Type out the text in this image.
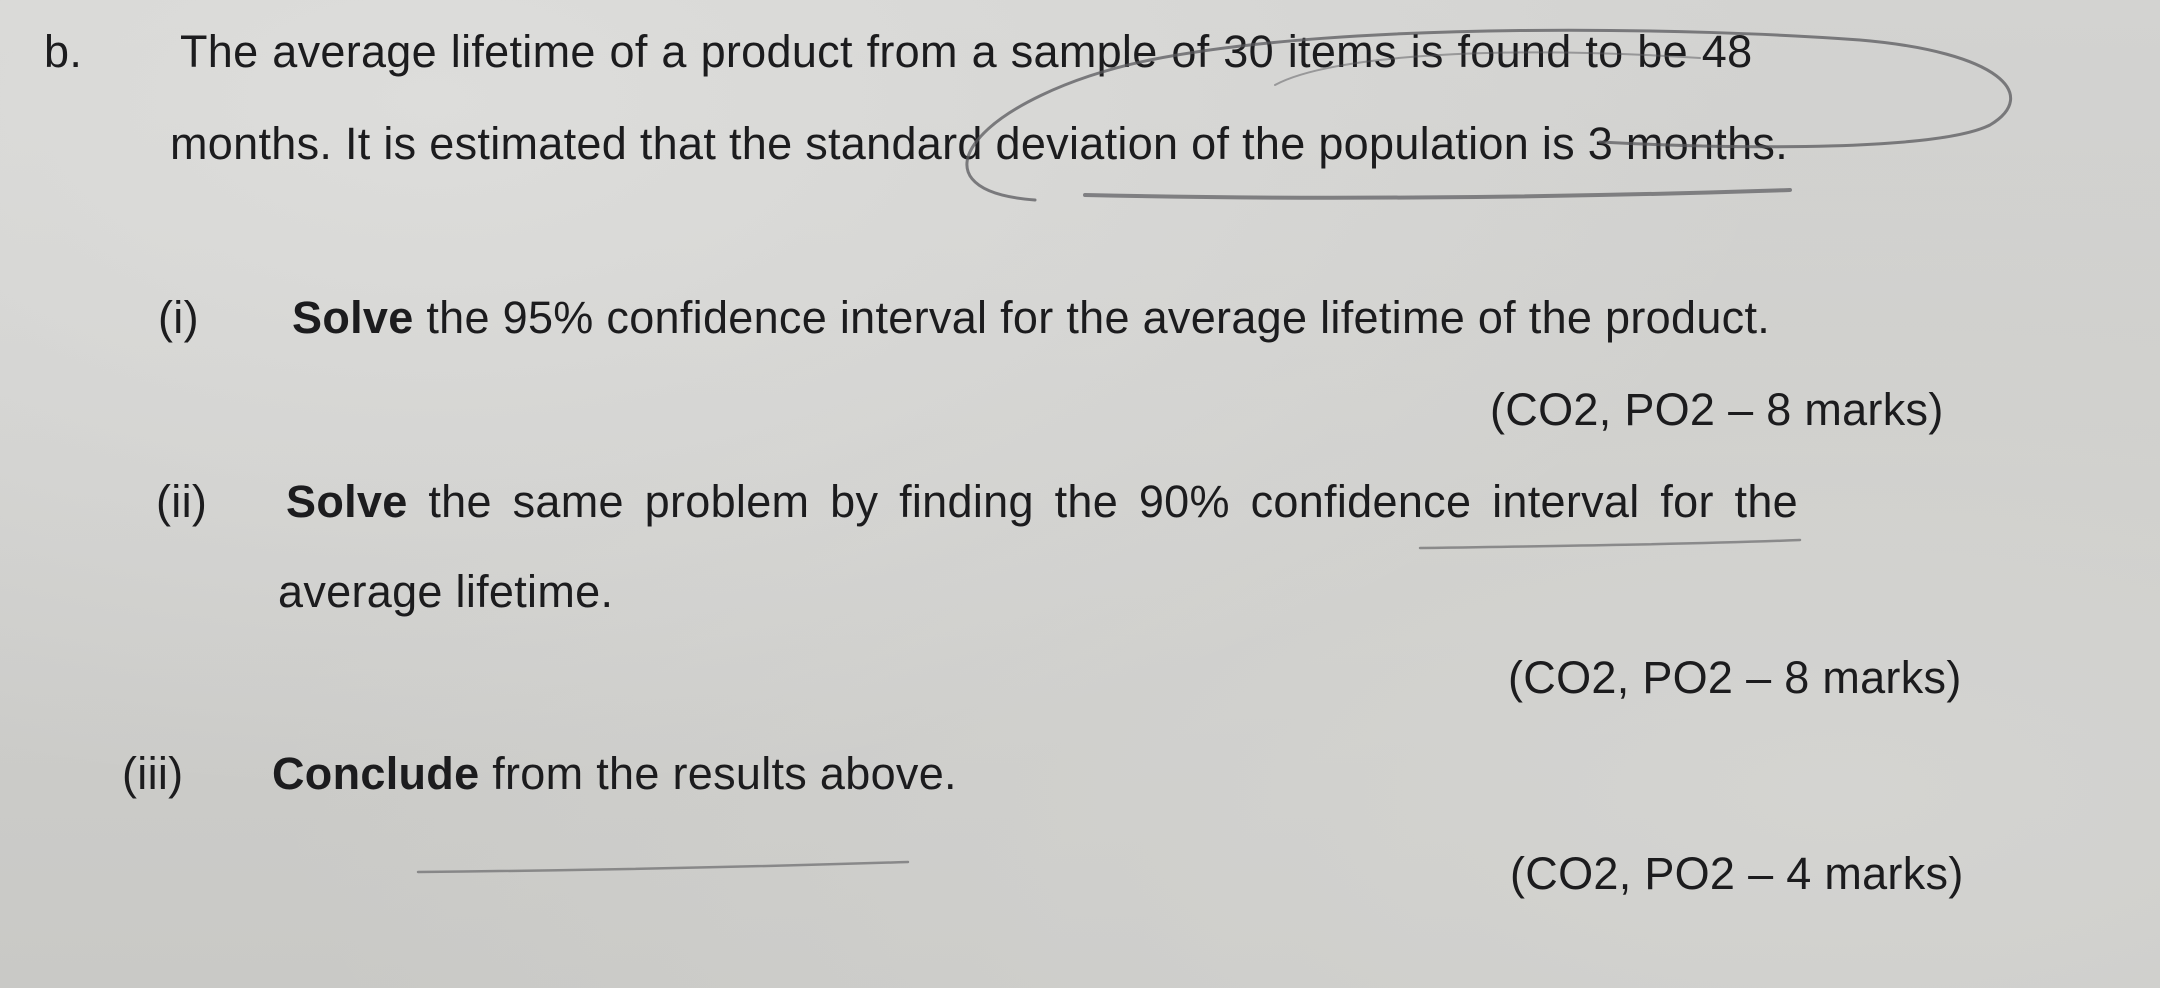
b. The average lifetime of a product from a sample of 30 items is found to be 48
months. It is estimated that the standard deviation of the population is 3 months.
(i) Solve the 95% confidence interval for the average lifetime of the product.
(CO2, PO2 – 8 marks)
(ii) Solve the same problem by finding the 90% confidence interval for the
average lifetime.
(CO2, PO2 – 8 marks)
(iii) Conclude from the results above.
(CO2, PO2 – 4 marks)
